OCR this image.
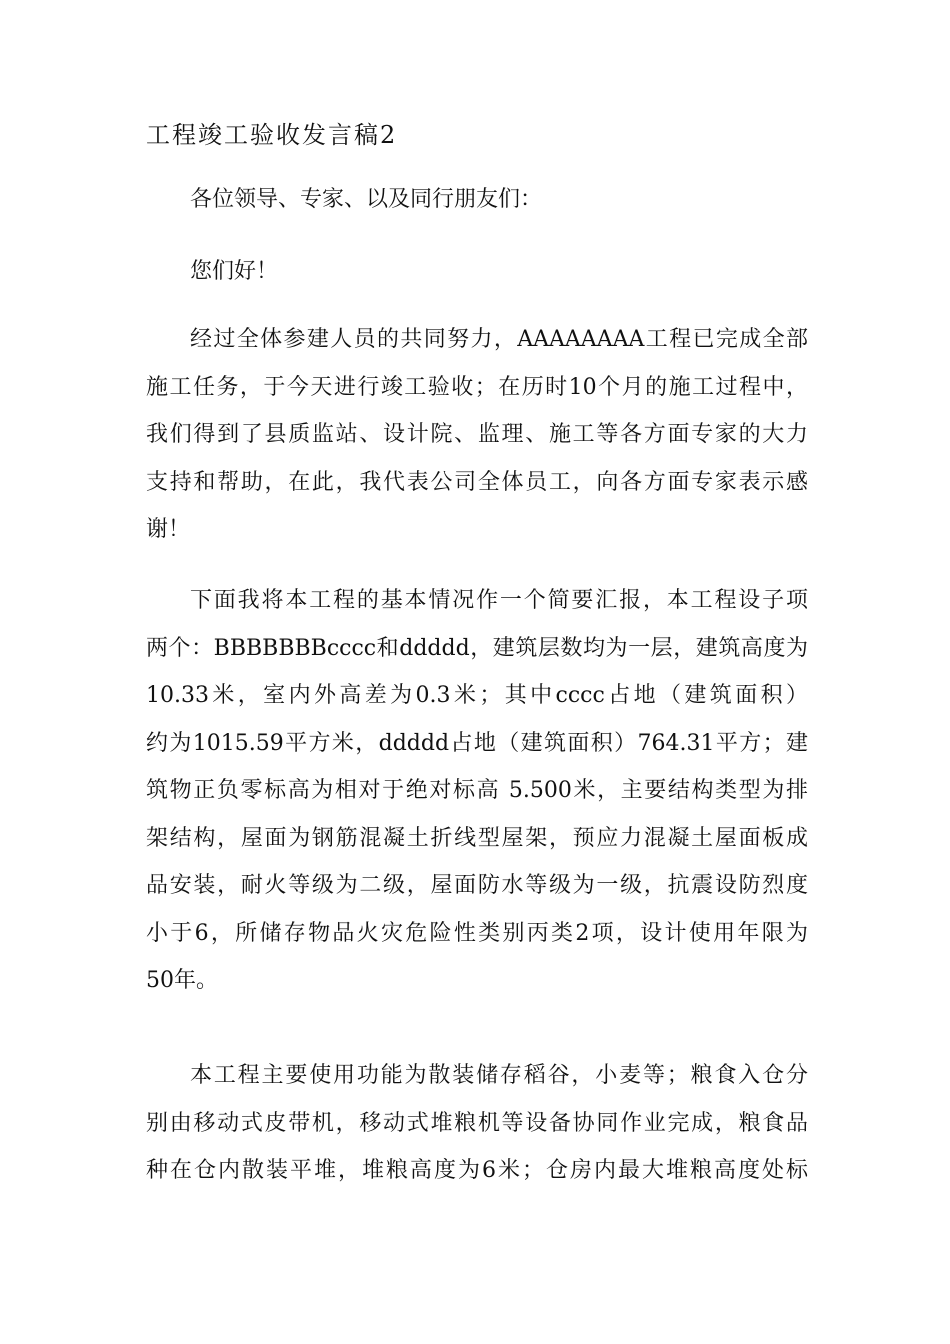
工程竣工验收发言稿2
各位领导、专家、以及同行朋友们：
您们好！
经过全体参建人员的共同努力，AAAAAAAA工程已完成全部
施工任务，于今天进行竣工验收；在历时10个月的施工过程中，
我们得到了县质监站、设计院、监理、施工等各方面专家的大力
支持和帮助，在此，我代表公司全体员工，向各方面专家表示感
谢！
下面我将本工程的基本情况作一个简要汇报，本工程设子项
两个：BBBBBBBcccc和ddddd，建筑层数均为一层，建筑高度为
10.33米，室内外高差为0.3米；其中cccc占地（建筑面积）
约为1015.59平方米，ddddd占地（建筑面积）764.31平方；建
筑物正负零标高为相对于绝对标高 5.500米，主要结构类型为排
架结构，屋面为钢筋混凝土折线型屋架，预应力混凝土屋面板成
品安装，耐火等级为二级，屋面防水等级为一级，抗震设防烈度
小于6，所储存物品火灾危险性类别丙类2项，设计使用年限为
50年。
本工程主要使用功能为散装储存稻谷，小麦等；粮食入仓分
别由移动式皮带机，移动式堆粮机等设备协同作业完成，粮食品
种在仓内散装平堆，堆粮高度为6米；仓房内最大堆粮高度处标
